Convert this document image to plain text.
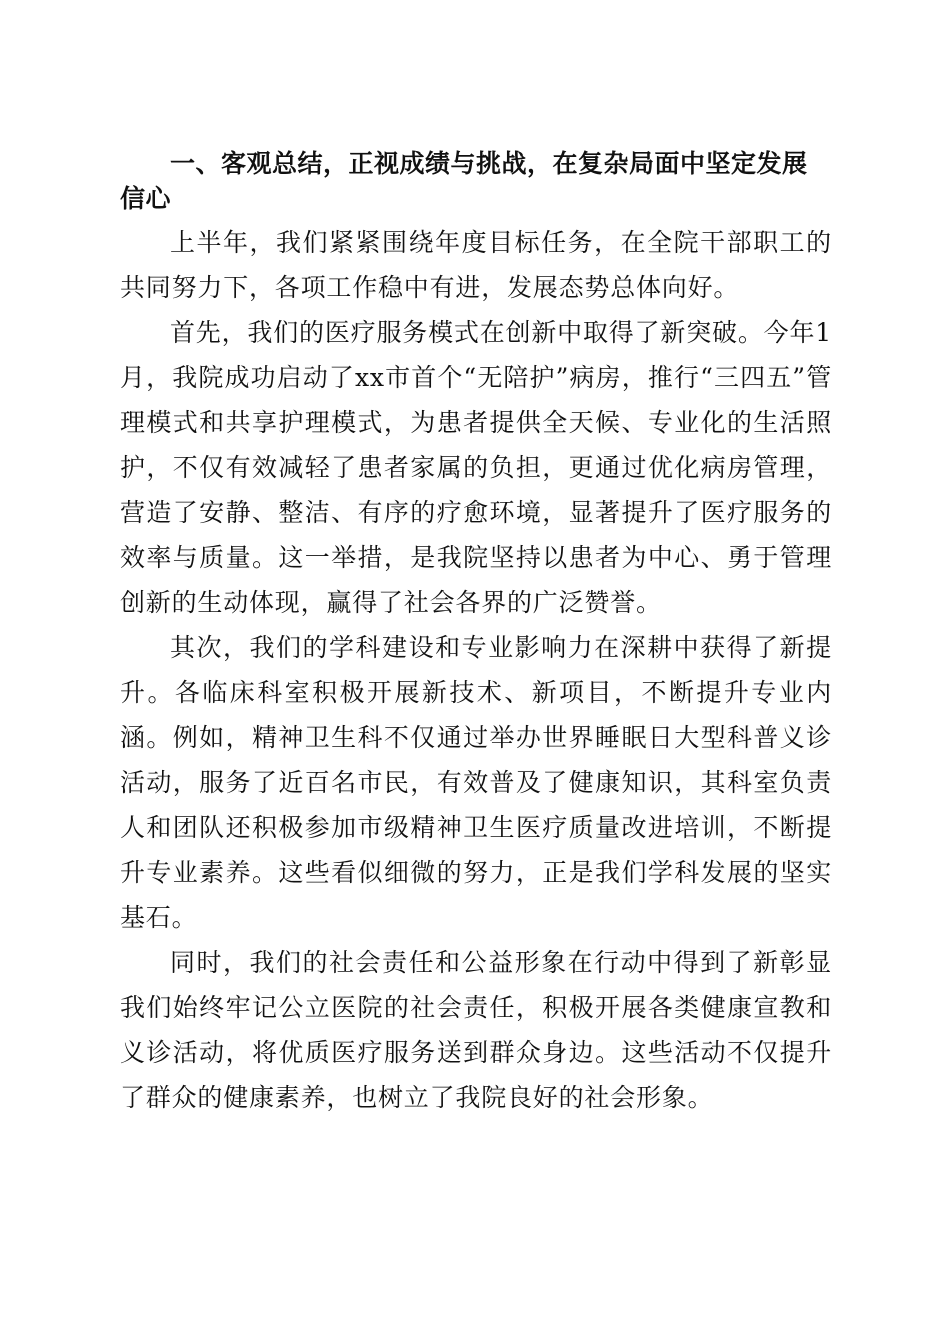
一、客观总结，正视成绩与挑战，在复杂局面中坚定发展信心

上半年，我们紧紧围绕年度目标任务，在全院干部职工的共同努力下，各项工作稳中有进，发展态势总体向好。

首先，我们的医疗服务模式在创新中取得了新突破。今年1月，我院成功启动了xx市首个“无陪护”病房，推行“三四五”管理模式和共享护理模式，为患者提供全天候、专业化的生活照护，不仅有效减轻了患者家属的负担，更通过优化病房管理，营造了安静、整洁、有序的疗愈环境，显著提升了医疗服务的效率与质量。这一举措，是我院坚持以患者为中心、勇于管理创新的生动体现，赢得了社会各界的广泛赞誉。

其次，我们的学科建设和专业影响力在深耕中获得了新提升。各临床科室积极开展新技术、新项目，不断提升专业内涵。例如，精神卫生科不仅通过举办世界睡眠日大型科普义诊活动，服务了近百名市民，有效普及了健康知识，其科室负责人和团队还积极参加市级精神卫生医疗质量改进培训，不断提升专业素养。这些看似细微的努力，正是我们学科发展的坚实基石。

同时，我们的社会责任和公益形象在行动中得到了新彰显我们始终牢记公立医院的社会责任，积极开展各类健康宣教和义诊活动，将优质医疗服务送到群众身边。这些活动不仅提升了群众的健康素养，也树立了我院良好的社会形象。
